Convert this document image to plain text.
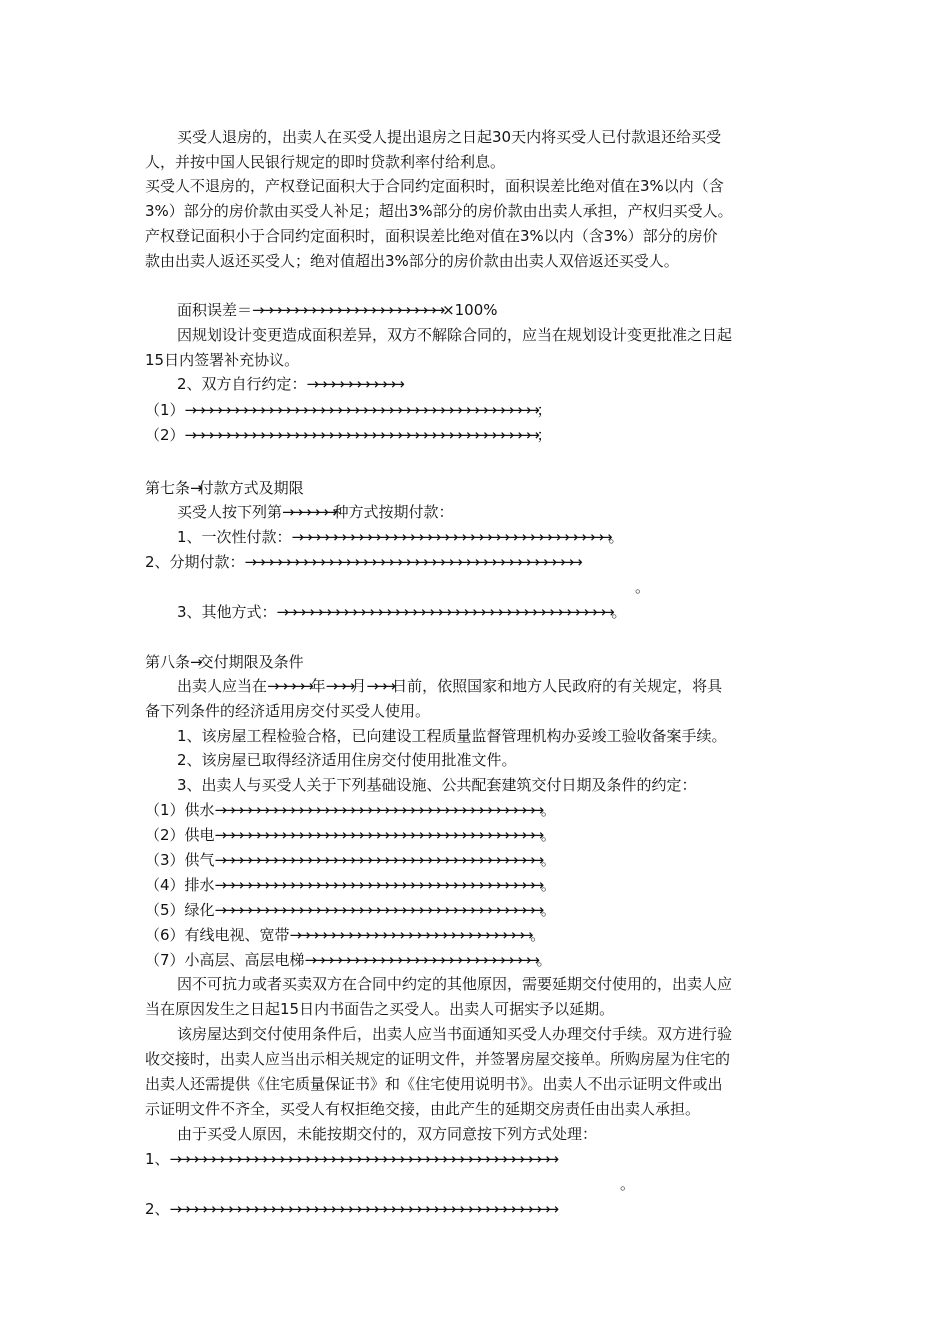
买受人退房的，出卖人在买受人提出退房之日起30天内将买受人已付款退还给买受
人，并按中国人民银行规定的即时贷款利率付给利息。
买受人不退房的，产权登记面积大于合同约定面积时，面积误差比绝对值在3%以内（含
3%）部分的房价款由买受人补足；超出3%部分的房价款由出卖人承担，产权归买受人。
产权登记面积小于合同约定面积时，面积误差比绝对值在3%以内（含3%）部分的房价
款由出卖人返还买受人；绝对值超出3%部分的房价款由出卖人双倍返还买受人。
面积误差＝→ →→→→→→→→→→→→→→→→→→→→→ ×100%
因规划设计变更造成面积差异，双方不解除合同的，应当在规划设计变更批准之日起
15日内签署补充协议。
2、双方自行约定：→→→→→→→→→→→
（1）→→→→→→→→→→→→→→→→→→→→→→→→→→→→→→→→→→→→→→→→→ ；
（2）→→→→→→→→→→→→→→→→→→→→→→→→→→→→→→→→→→→→→→→→→ ；
第七条→付款方式及期限
买受人按下列第→→→→→→种方式按期付款：
1、一次性付款：→→→→→→→→→→→→→→→→→→→→→→→→→→→→→→→→→→→→→。
2、分期付款：→→→→→→→→→→→→→→→→→→→→→→→→→→→→→→→→→→→→→→→
。
3、其他方式：→→→→→→→→→→→→→→→→→→→→→→→→→→→→→→→→→→→→→→→ 。
第八条→交付期限及条件
出卖人应当在→→→→→ 年→→→月→→→日前，依照国家和地方人民政府的有关规定，将具
备下列条件的经济适用房交付买受人使用。
1、该房屋工程检验合格，已向建设工程质量监督管理机构办妥竣工验收备案手续。
2、该房屋已取得经济适用住房交付使用批准文件。
3、出卖人与买受人关于下列基础设施、公共配套建筑交付日期及条件的约定：
（1）供水→→→→→→→→→→→→→→→→→→→→→→→→→→→→→→→→→→→→→→ 。
（2）供电→→→→→→→→→→→→→→→→→→→→→→→→→→→→→→→→→→→→→→ 。
（3）供气→→→→→→→→→→→→→→→→→→→→→→→→→→→→→→→→→→→→→→ 。
（4）排水→→→→→→→→→→→→→→→→→→→→→→→→→→→→→→→→→→→→→→ 。
（5）绿化→→→→→→→→→→→→→→→→→→→→→→→→→→→→→→→→→→→→→→ 。
（6）有线电视、宽带→→→→→→→→→→→→→→→→→→→→→→→→→→→→ 。
（7）小高层、高层电梯→→→→→→→→→→→→→→→→→→→→→→→→→→→ 。
因不可抗力或者买卖双方在合同中约定的其他原因，需要延期交付使用的，出卖人应
当在原因发生之日起15日内书面告之买受人。出卖人可据实予以延期。
该房屋达到交付使用条件后，出卖人应当书面通知买受人办理交付手续。双方进行验
收交接时，出卖人应当出示相关规定的证明文件，并签署房屋交接单。所购房屋为住宅的
出卖人还需提供《住宅质量保证书》和《住宅使用说明书》。出卖人不出示证明文件或出
示证明文件不齐全，买受人有权拒绝交接，由此产生的延期交房责任由出卖人承担。
由于买受人原因，未能按期交付的，双方同意按下列方式处理：
1、→→→→→→→→→→→→→→→→→→→→→→→→→→→→→→→→→→→→→→→→→→→→→
。
2、→→→→→→→→→→→→→→→→→→→→→→→→→→→→→→→→→→→→→→→→→→→→→
